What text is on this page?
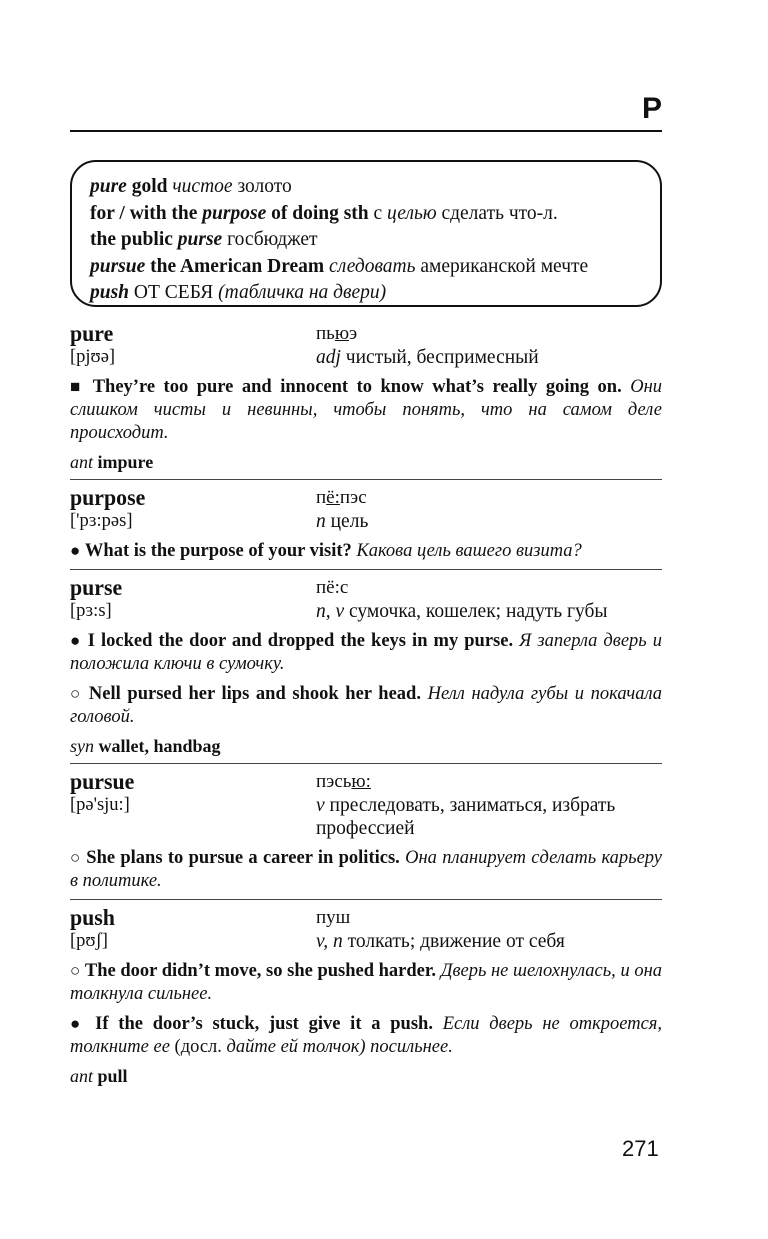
P
pure gold чистое золото
for / with the purpose of doing sth с целью сделать что-л.
the public purse госбюджет
pursue the American Dream следовать американской мечте
push ОТ СЕБЯ (табличка на двери)
pure	пьюэ
[pjʊə]	adj чистый, беспримесный
■ They’re too pure and innocent to know what’s really going on. Они слишком чисты и невинны, чтобы понять, что на самом деле происходит.
ant impure
purpose	пё:пэс
['pɜ:pəs]	n цель
● What is the purpose of your visit? Какова цель вашего визита?
purse	пё:с
[pɜ:s]	n, v сумочка, кошелек; надуть губы
● I locked the door and dropped the keys in my purse. Я заперла дверь и положила ключи в сумочку.
○ Nell pursed her lips and shook her head. Нелл надула губы и покачала головой.
syn wallet, handbag
pursue	пэсью:
[pə'sju:]	v преследовать, заниматься, избрать профессией
○ She plans to pursue a career in politics. Она планирует сделать карьеру в политике.
push	пуш
[pʊʃ]	v, n толкать; движение от себя
○ The door didn’t move, so she pushed harder. Дверь не шелохнулась, и она толкнула сильнее.
● If the door’s stuck, just give it a push. Если дверь не откроется, толкните ее (досл. дайте ей толчок) посильнее.
ant pull
271
